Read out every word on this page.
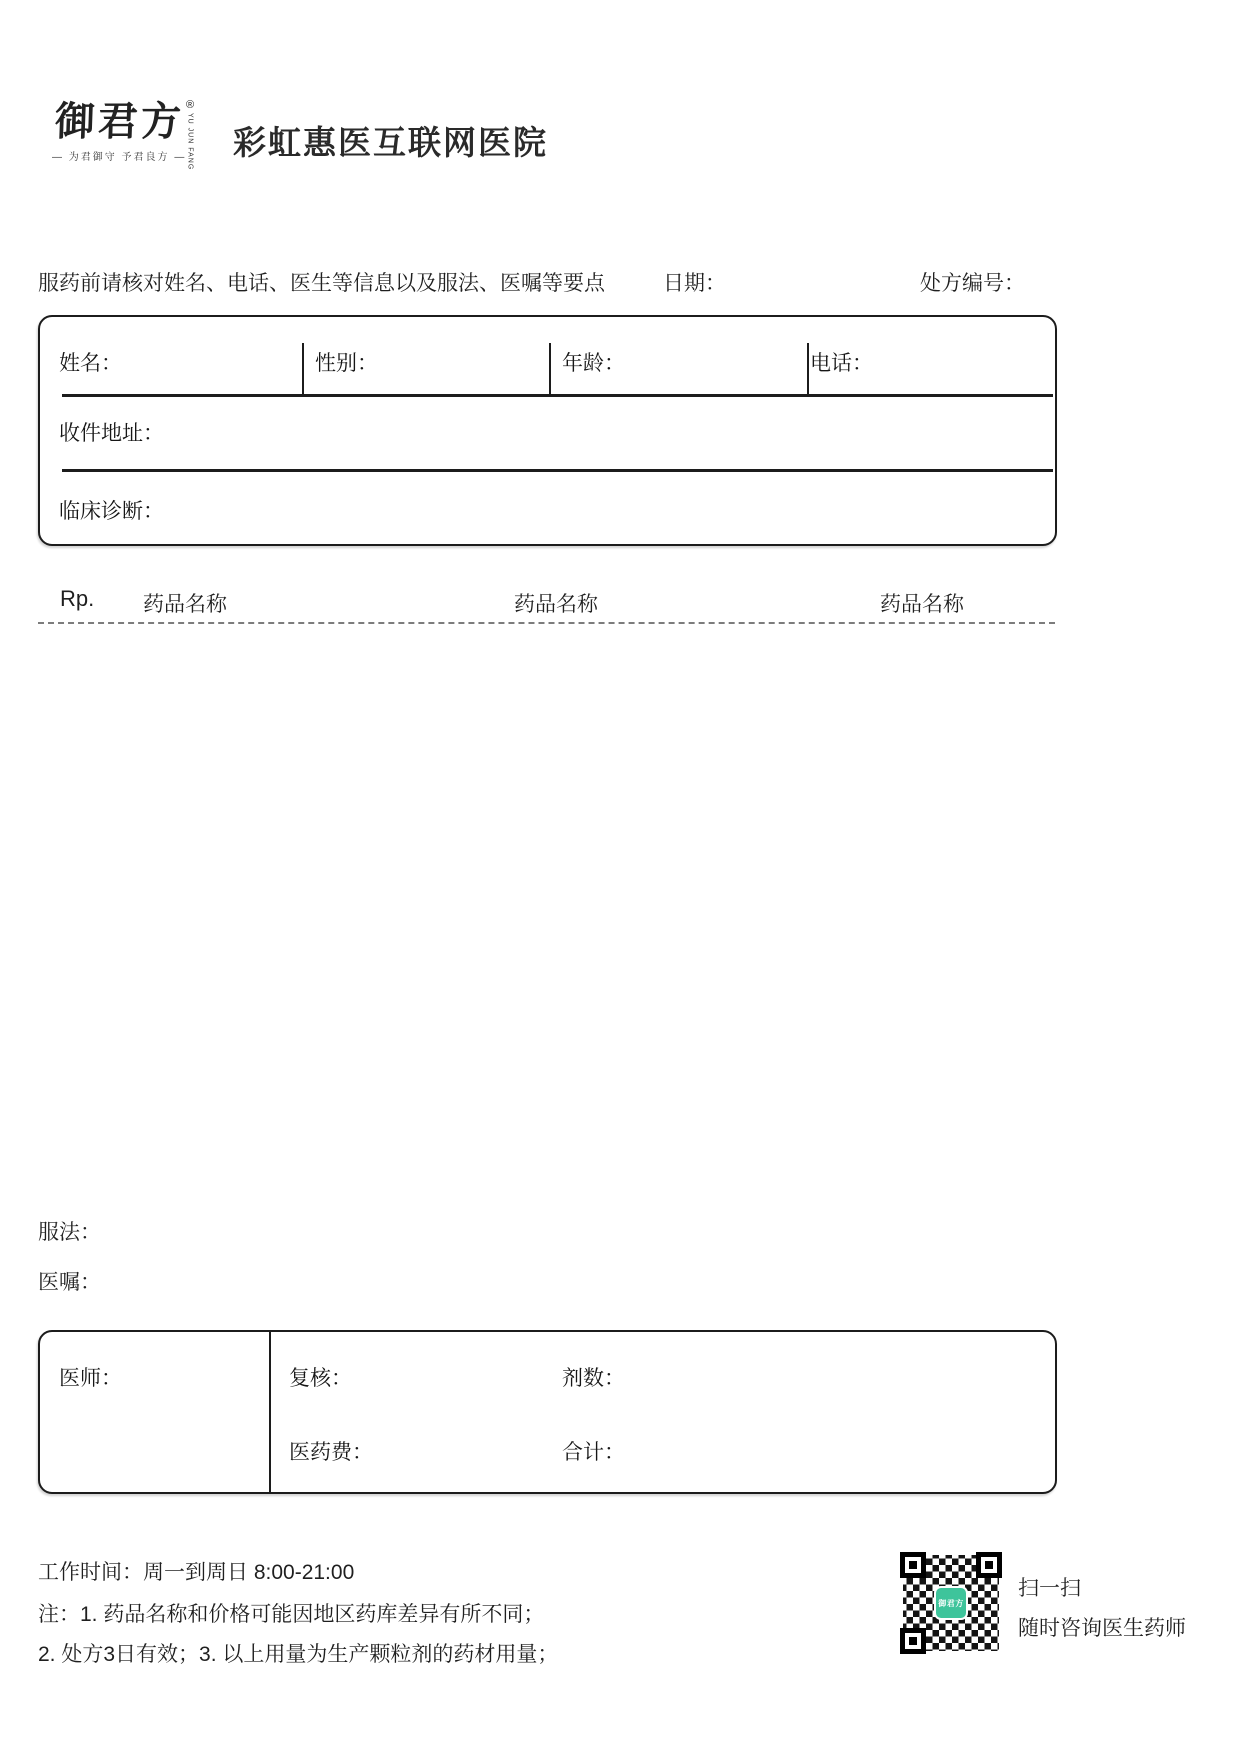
御君方 ®
YU JUN FANG
— 为君御守 予君良方 —	彩虹惠医互联网医院
服药前请核对姓名、电话、医生等信息以及服法、医嘱等要点	日期：	处方编号：
姓名：	性别：	年龄：	电话：
收件地址：
临床诊断：
Rp. 药品名称	药品名称	药品名称
服法：
医嘱：
医师：	复核：	剂数：
医药费：	合计：
工作时间：周一到周日 8:00-21:00
注：1. 药品名称和价格可能因地区药库差异有所不同；
2. 处方3日有效；3. 以上用量为生产颗粒剂的药材用量；
御君方
扫一扫
随时咨询医生药师
